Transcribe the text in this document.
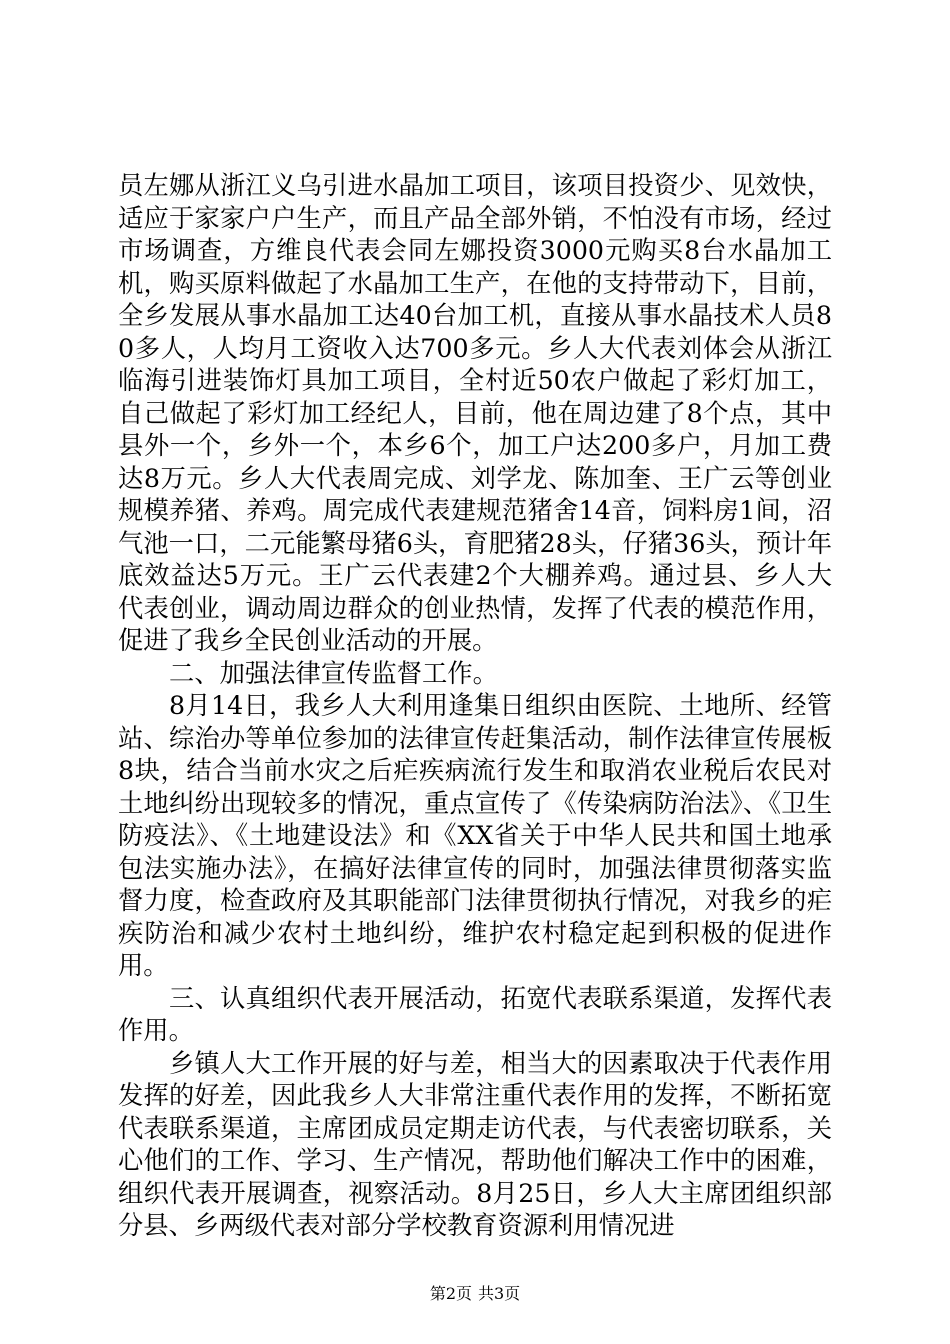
员左娜从浙江义乌引进水晶加工项目，该项目投资少、见效快，适应于家家户户生产，而且产品全部外销，不怕没有市场，经过市场调查，方维良代表会同左娜投资3000元购买8台水晶加工机，购买原料做起了水晶加工生产，在他的支持带动下，目前，全乡发展从事水晶加工达40台加工机，直接从事水晶技术人员80多人，人均月工资收入达700多元。乡人大代表刘体会从浙江临海引进装饰灯具加工项目，全村近50农户做起了彩灯加工，自己做起了彩灯加工经纪人，目前，他在周边建了8个点，其中县外一个，乡外一个，本乡6个，加工户达200多户，月加工费达8万元。乡人大代表周完成、刘学龙、陈加奎、王广云等创业规模养猪、养鸡。周完成代表建规范猪舍14音，饲料房1间，沼气池一口，二元能繁母猪6头，育肥猪28头，仔猪36头，预计年底效益达5万元。王广云代表建2个大棚养鸡。通过县、乡人大代表创业，调动周边群众的创业热情，发挥了代表的模范作用，促进了我乡全民创业活动的开展。

二、加强法律宣传监督工作。

8月14日，我乡人大利用逢集日组织由医院、土地所、经管站、综治办等单位参加的法律宣传赶集活动，制作法律宣传展板8块，结合当前水灾之后疟疾病流行发生和取消农业税后农民对土地纠纷出现较多的情况，重点宣传了《传染病防治法》、《卫生防疫法》、《土地建设法》和《XX省关于中华人民共和国土地承包法实施办法》，在搞好法律宣传的同时，加强法律贯彻落实监督力度，检查政府及其职能部门法律贯彻执行情况，对我乡的疟疾防治和减少农村土地纠纷，维护农村稳定起到积极的促进作用。

三、认真组织代表开展活动，拓宽代表联系渠道，发挥代表作用。

乡镇人大工作开展的好与差，相当大的因素取决于代表作用发挥的好差，因此我乡人大非常注重代表作用的发挥，不断拓宽代表联系渠道，主席团成员定期走访代表，与代表密切联系，关心他们的工作、学习、生产情况，帮助他们解决工作中的困难，组织代表开展调查，视察活动。8月25日，乡人大主席团组织部分县、乡两级代表对部分学校教育资源利用情况进

第2页 共3页
